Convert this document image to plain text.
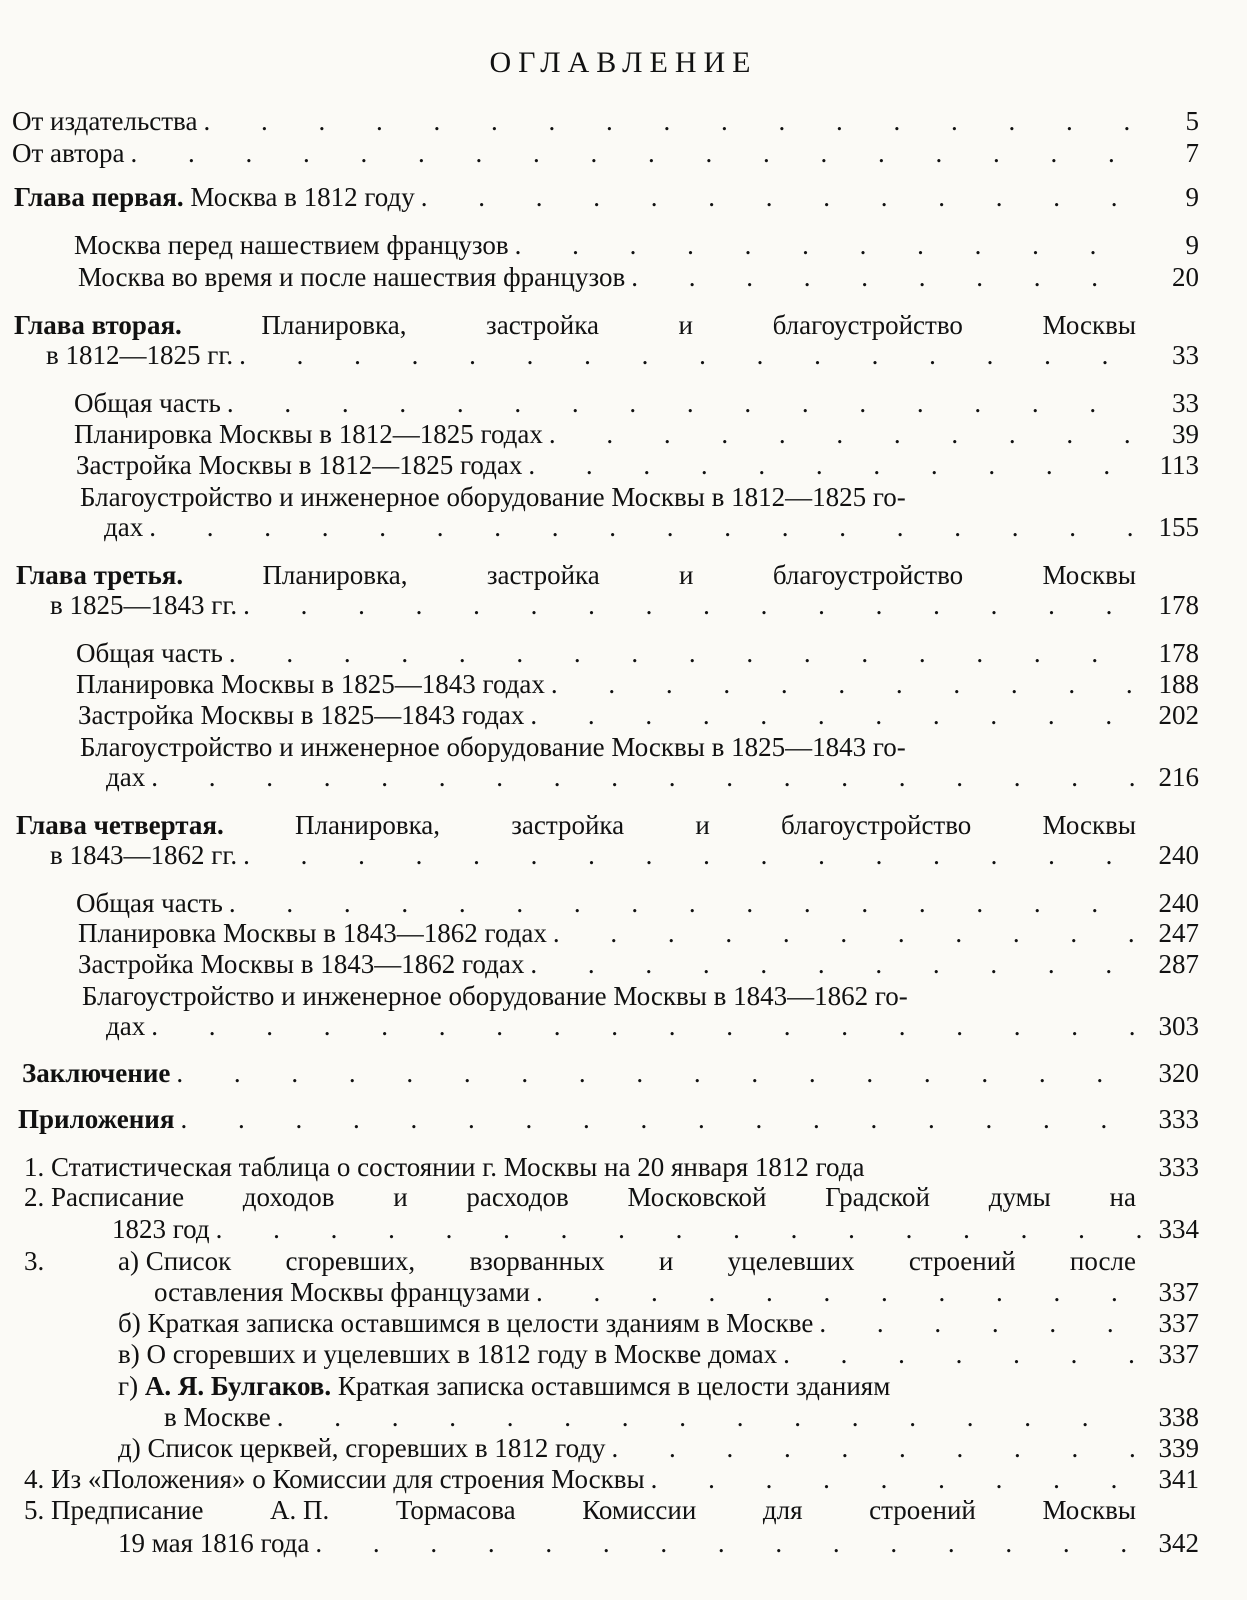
ОГЛАВЛЕНИЕ
От издательства . . .	5
От автора . . .	7
Глава первая. Москва в 1812 году . . .	9
Москва перед нашествием французов . . .	9
Москва во время и после нашествия французов . . .	20
Глава вторая.	Планировка,	застройка	и	благоустройство	Москвы
в 1812—1825 гг. . . .	33
Общая часть . . .	33
Планировка Москвы в 1812—1825 годах . . .	39
Застройка Москвы в 1812—1825 годах . . .	113
Благоустройство и инженерное оборудование Москвы в 1812—1825 го-
дах . . .	155
Глава третья.	Планировка,	застройка	и	благоустройство	Москвы
в 1825—1843 гг. . . .	178
Общая часть . . .	178
Планировка Москвы в 1825—1843 годах . . .	188
Застройка Москвы в 1825—1843 годах . . .	202
Благоустройство и инженерное оборудование Москвы в 1825—1843 го-
дах . . .	216
Глава четвертая.	Планировка,	застройка	и	благоустройство	Москвы
в 1843—1862 гг. . . .	240
Общая часть . . .	240
Планировка Москвы в 1843—1862 годах . . .	247
Застройка Москвы в 1843—1862 годах . . .	287
Благоустройство и инженерное оборудование Москвы в 1843—1862 го-
дах . . .	303
Заключение . . .	320
Приложения . . .	333
1. Статистическая таблица о состоянии г. Москвы на 20 января 1812 года	333
2. Расписание доходов и расходов Московской Градской думы на
1823 год . . .	334
3.	а) Список сгоревших, взорванных и уцелевших строений после
оставления Москвы французами . . .	337
б) Краткая записка оставшимся в целости зданиям в Москве . . .	337
в) О сгоревших и уцелевших в 1812 году в Москве домах . . .	337
г) А. Я. Булгаков. Краткая записка оставшимся в целости зданиям
в Москве . . .	338
д) Список церквей, сгоревших в 1812 году . . .	339
4. Из «Положения» о Комиссии для строения Москвы . . .	341
5. Предписание А. П. Тормасова Комиссии для строений Москвы
19 мая 1816 года . . .	342
